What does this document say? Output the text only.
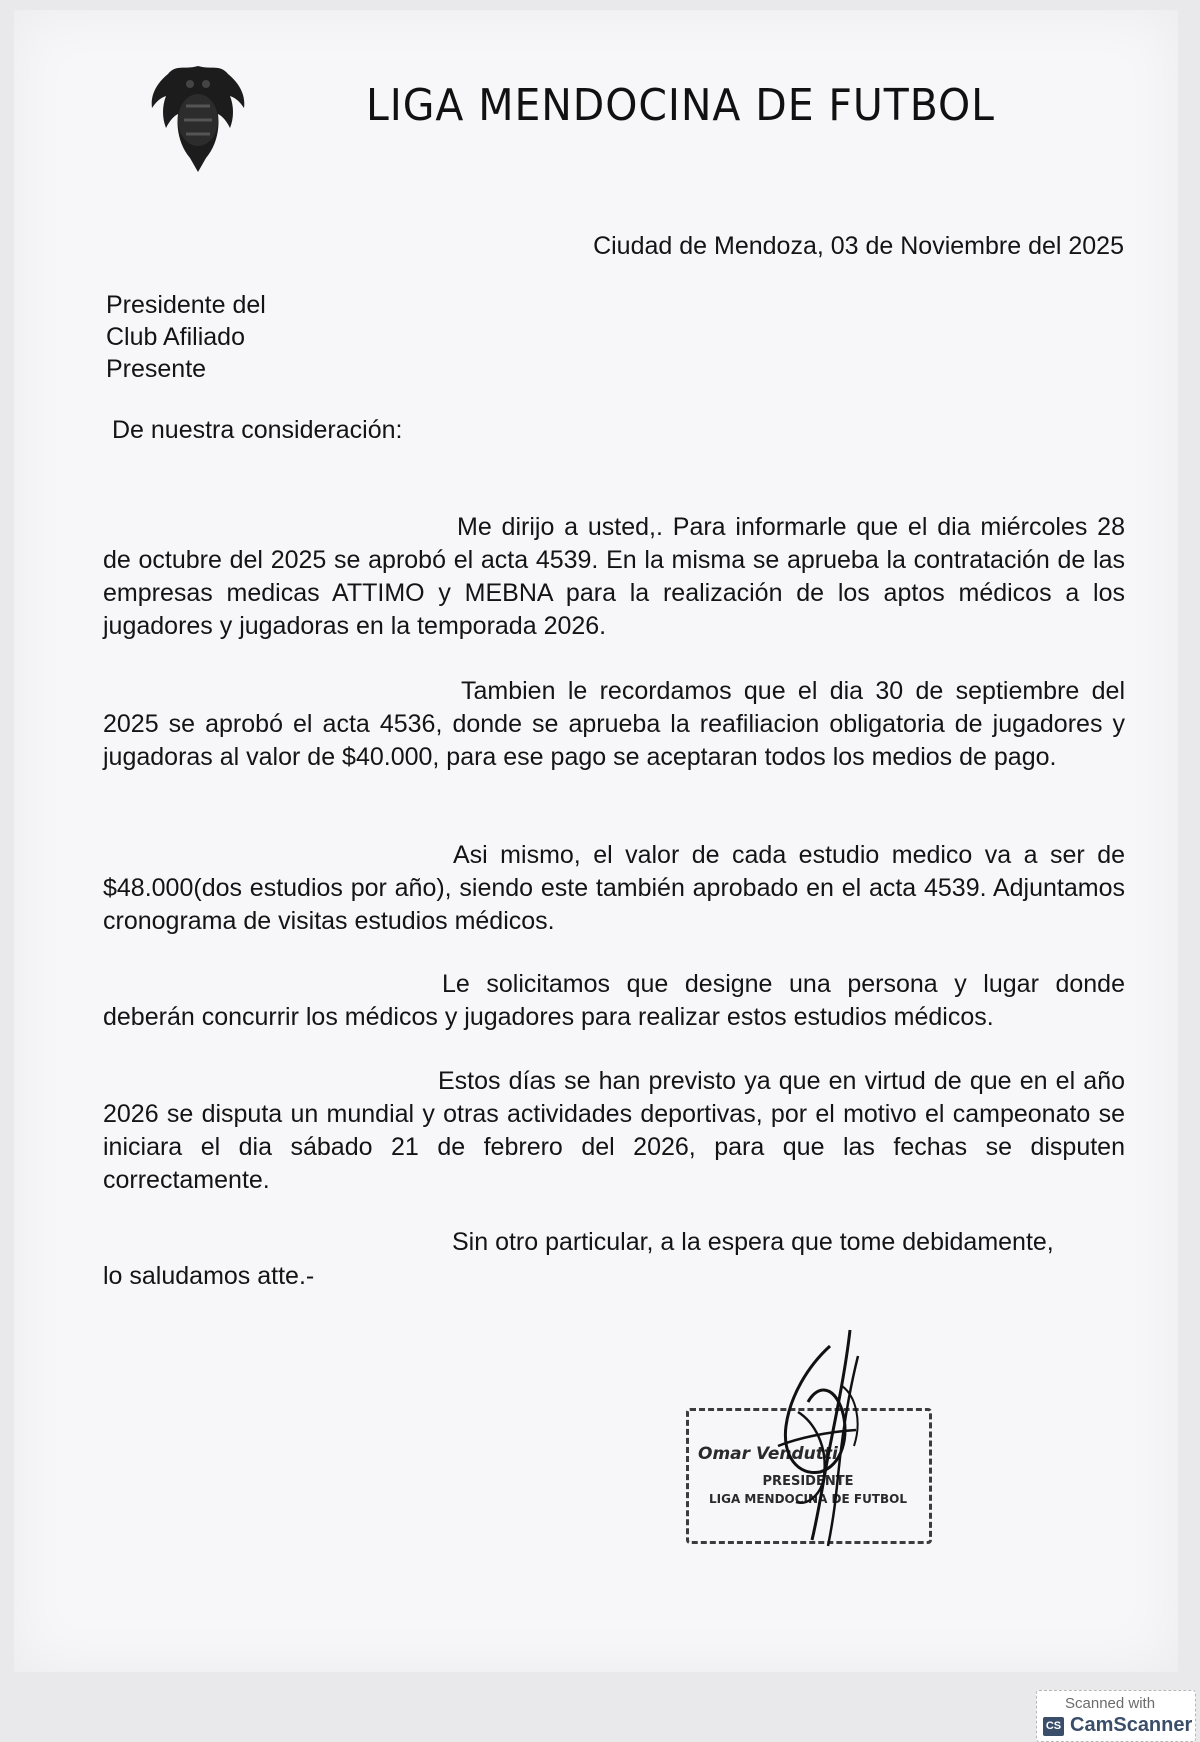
LIGA MENDOCINA DE FUTBOL
Ciudad de Mendoza, 03 de Noviembre del 2025
Presidente del
Club Afiliado
Presente
De nuestra consideración:
Me dirijo a usted,. Para informarle que el dia miércoles 28 de octubre del 2025 se aprobó el acta 4539. En la misma se aprueba la contratación de las empresas medicas ATTIMO y MEBNA para la realización de los aptos médicos a los jugadores y jugadoras en la temporada 2026.
Tambien le recordamos que el dia 30 de septiembre del 2025 se aprobó el acta 4536, donde se aprueba la reafiliacion obligatoria de jugadores y jugadoras al valor de $40.000, para ese pago se aceptaran todos los medios de pago.
Asi mismo, el valor de cada estudio medico va a ser de $48.000(dos estudios por año), siendo este también aprobado en el acta 4539. Adjuntamos cronograma de visitas estudios médicos.
Le solicitamos que designe una persona y lugar donde deberán concurrir los médicos y jugadores para realizar estos estudios médicos.
Estos días se han previsto ya que en virtud de que en el año 2026 se disputa un mundial y otras actividades deportivas, por el motivo el campeonato se iniciara el dia sábado 21 de febrero del 2026, para que las fechas se disputen correctamente.
Sin otro particular, a la espera que tome debidamente,
lo saludamos atte.-
Omar Vendutti
PRESIDENTE
LIGA MENDOCINA DE FUTBOL
Scanned with
CS CamScanner
